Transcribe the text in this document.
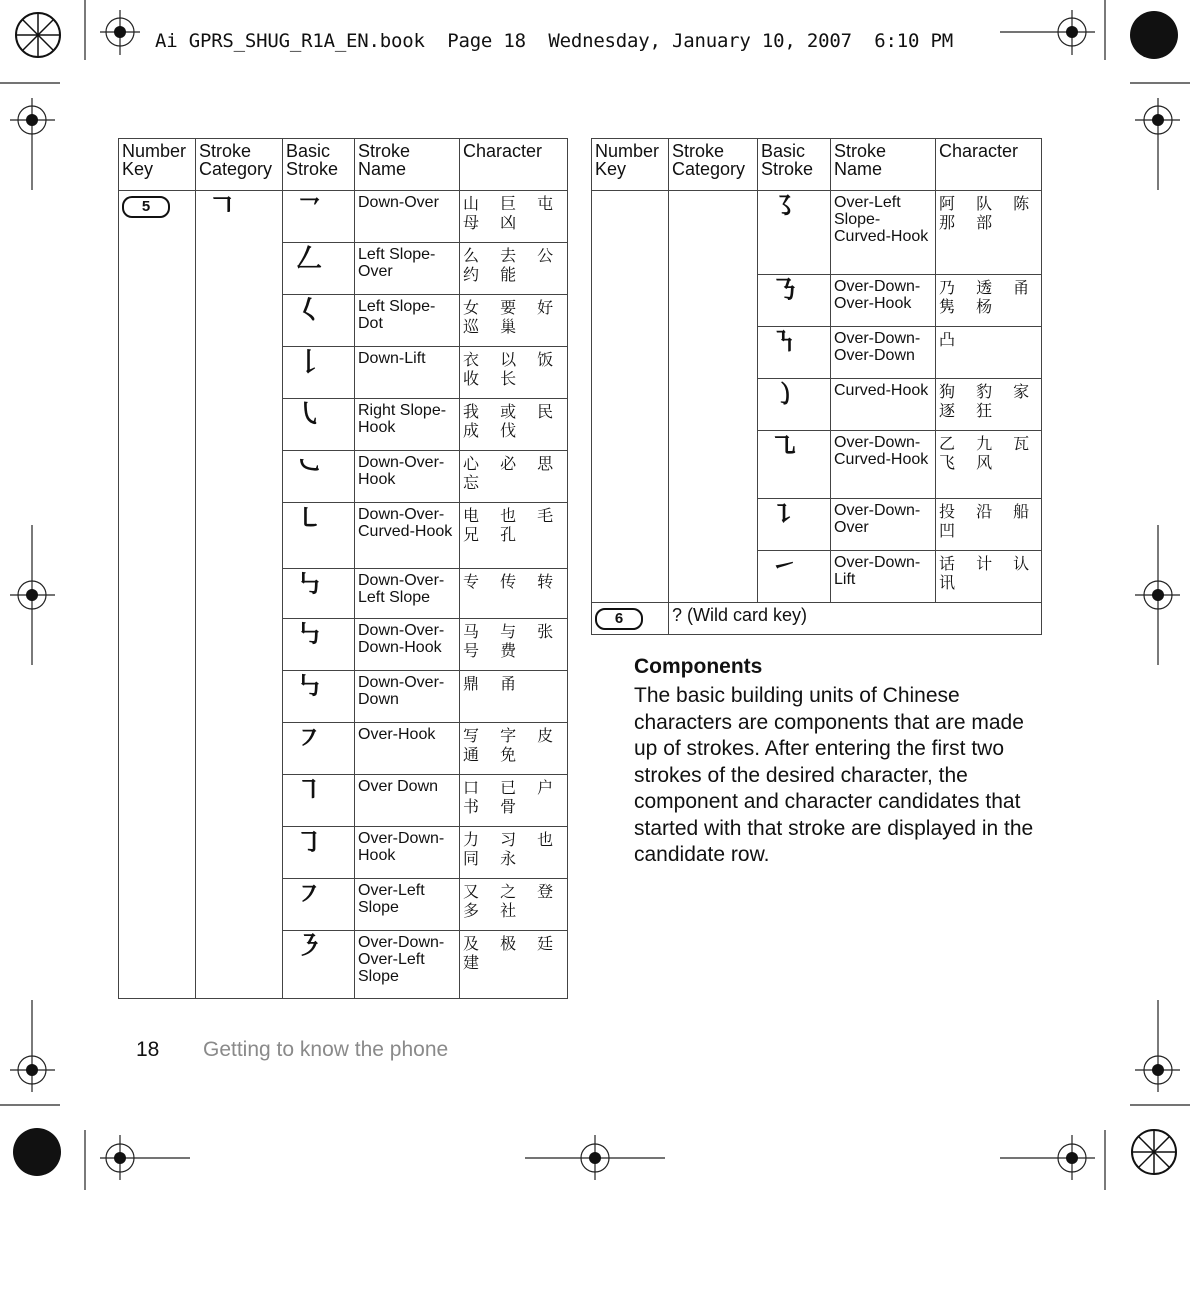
Ai GPRS_SHUG_R1A_EN.book  Page 18  Wednesday, January 10, 2007  6:10 PM
Number Key	Stroke Category	Basic Stroke	Stroke Name	Character
5	𠃍	㇖	Down-Over	山 巨 屯
母 凶

		𠃋	Left Slope-Over	么 去 公
约 能

		𡿨	Left Slope-Dot	女 要 好
巡 巢

		𠄌	Down-Lift	衣 以 饭
收 长

		㇂	Right Slope-Hook	我 或 民
成 伐

		㇃	Down-Over-Hook	心 必 思
忘

		㇄	Down-Over-Curved-Hook	电 也 毛
兄 孔

		㇉	Down-Over-Left Slope	专 传 转

		㇉	Down-Over-Down-Hook	马 与 张
号 费

		㇉	Down-Over-Down	鼎 甬

		㇇	Over-Hook	写 字 皮
通 免

		㇕	Over Down	口 已 户
书 骨

		㇆	Over-Down-Hook	力 习 也
同 永

		㇇	Over-Left Slope	又 之 登
多 社

		㇋	Over-Down-Over-Left Slope	及 极 廷
建
Number Key	Stroke Category	Basic Stroke	Stroke Name	Character
		㇌	Over-Left Slope-Curved-Hook	阿 队 陈
那 部

		㇡	Over-Down-Over-Hook	乃 透 甬
隽 杨

		㇎	Over-Down-Over-Down	凸

		㇁	Curved-Hook	狗 豹 家
逐 狂

		㇈	Over-Down-Curved-Hook	乙 九 瓦
飞 风

		㇊	Over-Down-Over	投 沿 船
凹

		㇀	Over-Down-Lift	话 计 认
讯

6	? (Wild card key)			
Components

The basic building units of Chinese characters are components that are made up of strokes. After entering the first two strokes of the desired character, the component and character candidates that started with that stroke are displayed in the candidate row.

18 Getting to know the phone
